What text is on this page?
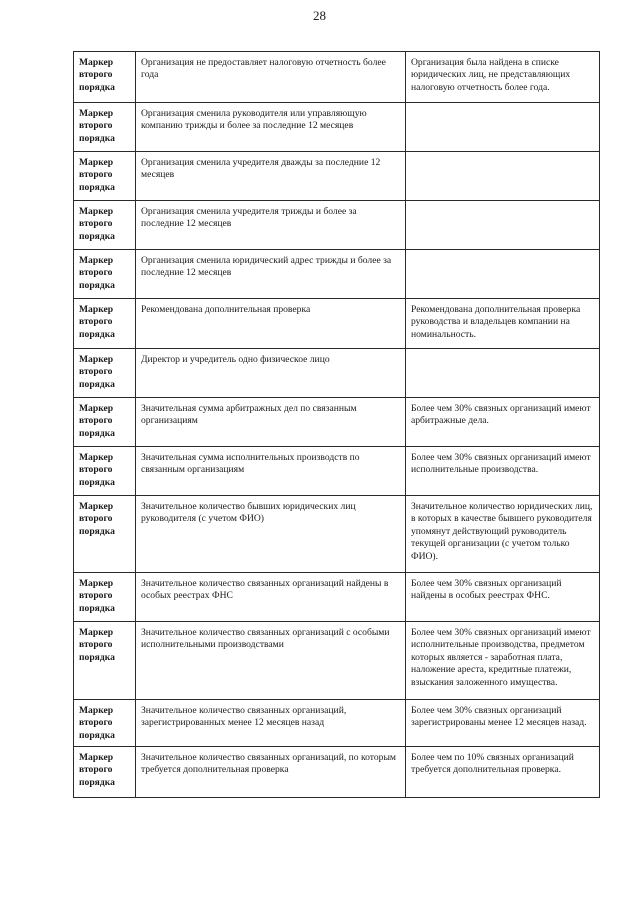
28
Маркер второго порядка	Организация не предоставляет налоговую отчетность более года	Организация была найдена в списке юридических лиц, не представляющих налоговую отчетность более года.
Маркер второго порядка	Организация сменила руководителя или управляющую компанию трижды и более за последние 12 месяцев	
Маркер второго порядка	Организация сменила учредителя дважды за последние 12 месяцев	
Маркер второго порядка	Организация сменила учредителя трижды и более за последние 12 месяцев	
Маркер второго порядка	Организация сменила юридический адрес трижды и более за последние 12 месяцев	
Маркер второго порядка	Рекомендована дополнительная проверка	Рекомендована дополнительная проверка руководства и владельцев компании на номинальность.
Маркер второго порядка	Директор и учредитель одно физическое лицо	
Маркер второго порядка	Значительная сумма арбитражных дел по связанным организациям	Более чем 30% связных организаций имеют арбитражные дела.
Маркер второго порядка	Значительная сумма исполнительных производств по связанным организациям	Более чем 30% связных организаций имеют исполнительные производства.
Маркер второго порядка	Значительное количество бывших юридических лиц руководителя (с учетом ФИО)	Значительное количество юридических лиц, в которых в качестве бывшего руководителя упомянут действующий руководитель текущей организации (с учетом только ФИО).
Маркер второго порядка	Значительное количество связанных организаций найдены в особых реестрах ФНС	Более чем 30% связных организаций найдены в особых реестрах ФНС.
Маркер второго порядка	Значительное количество связанных организаций с особыми исполнительными производствами	Более чем 30% связных организаций имеют исполнительные производства, предметом которых является - заработная плата, наложение ареста, кредитные платежи, взыскания заложенного имущества.
Маркер второго порядка	Значительное количество связанных организаций, зарегистрированных менее 12 месяцев назад	Более чем 30% связных организаций зарегистрированы менее 12 месяцев назад.
Маркер второго порядка	Значительное количество связанных организаций, по которым требуется дополнительная проверка	Более чем по 10% связных организаций требуется дополнительная проверка.
